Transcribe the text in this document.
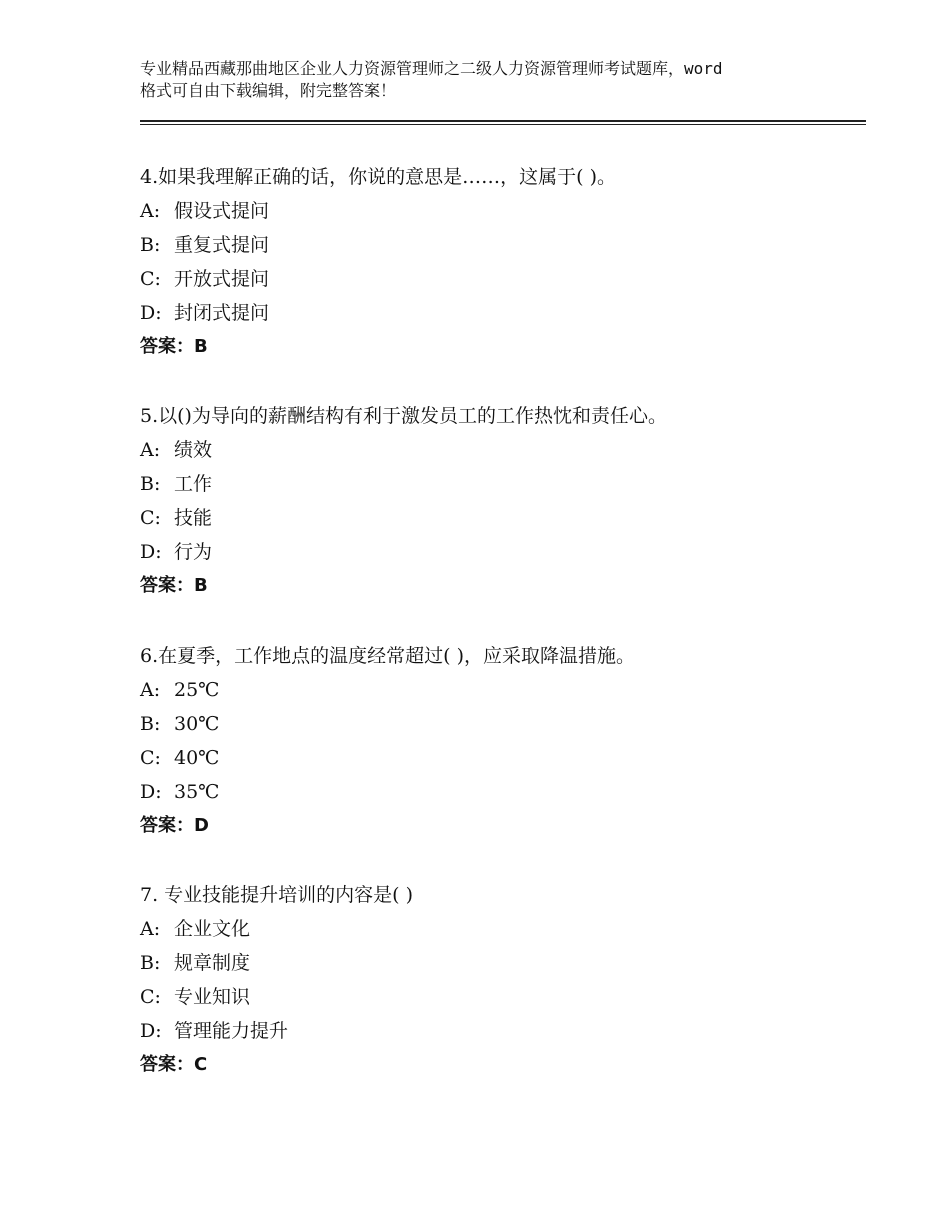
专业精品西藏那曲地区企业人力资源管理师之二级人力资源管理师考试题库，word
格式可自由下载编辑，附完整答案！
4.如果我理解正确的话，你说的意思是……，这属于( )。
A: 假设式提问
B: 重复式提问
C: 开放式提问
D: 封闭式提问
答案：B
5.以()为导向的薪酬结构有利于激发员工的工作热忱和责任心。
A: 绩效
B: 工作
C: 技能
D: 行为
答案：B
6.在夏季，工作地点的温度经常超过( )，应采取降温措施。
A: 25℃
B: 30℃
C: 40℃
D: 35℃
答案：D
7. 专业技能提升培训的内容是( )
A: 企业文化
B: 规章制度
C: 专业知识
D: 管理能力提升
答案：C
